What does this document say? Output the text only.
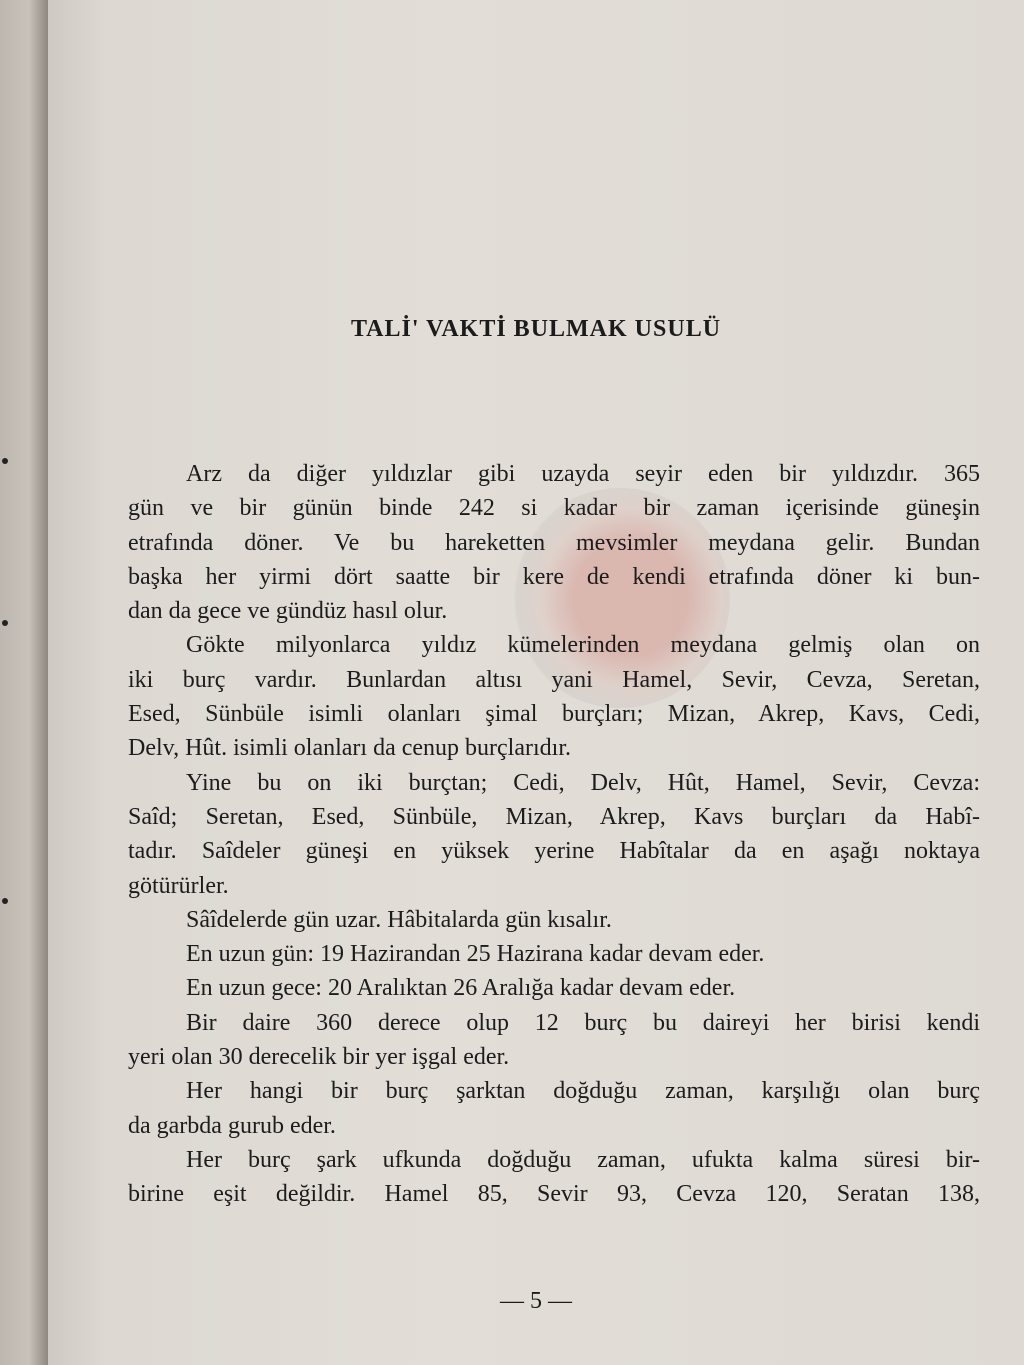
TALİ' VAKTİ BULMAK USULÜ
Arz da diğer yıldızlar gibi uzayda seyir eden bir yıldızdır. 365
gün ve bir günün binde 242 si kadar bir zaman içerisinde güneşin
etrafında döner. Ve bu hareketten mevsimler meydana gelir. Bundan
başka her yirmi dört saatte bir kere de kendi etrafında döner ki bun-
dan da gece ve gündüz hasıl olur.
Gökte milyonlarca yıldız kümelerinden meydana gelmiş olan on
iki burç vardır. Bunlardan altısı yani Hamel, Sevir, Cevza, Seretan,
Esed, Sünbüle isimli olanları şimal burçları; Mizan, Akrep, Kavs, Cedi,
Delv, Hût. isimli olanları da cenup burçlarıdır.
Yine bu on iki burçtan; Cedi, Delv, Hût, Hamel, Sevir, Cevza:
Saîd; Seretan, Esed, Sünbüle, Mizan, Akrep, Kavs burçları da Habî-
tadır. Saîdeler güneşi en yüksek yerine Habîtalar da en aşağı noktaya
götürürler.
Sâîdelerde gün uzar. Hâbitalarda gün kısalır.
En uzun gün: 19 Hazirandan 25 Hazirana kadar devam eder.
En uzun gece: 20 Aralıktan 26 Aralığa kadar devam eder.
Bir daire 360 derece olup 12 burç bu daireyi her birisi kendi
yeri olan 30 derecelik bir yer işgal eder.
Her hangi bir burç şarktan doğduğu zaman, karşılığı olan burç
da garbda gurub eder.
Her burç şark ufkunda doğduğu zaman, ufukta kalma süresi bir-
birine eşit değildir. Hamel 85, Sevir 93, Cevza 120, Seratan 138,
— 5 —
